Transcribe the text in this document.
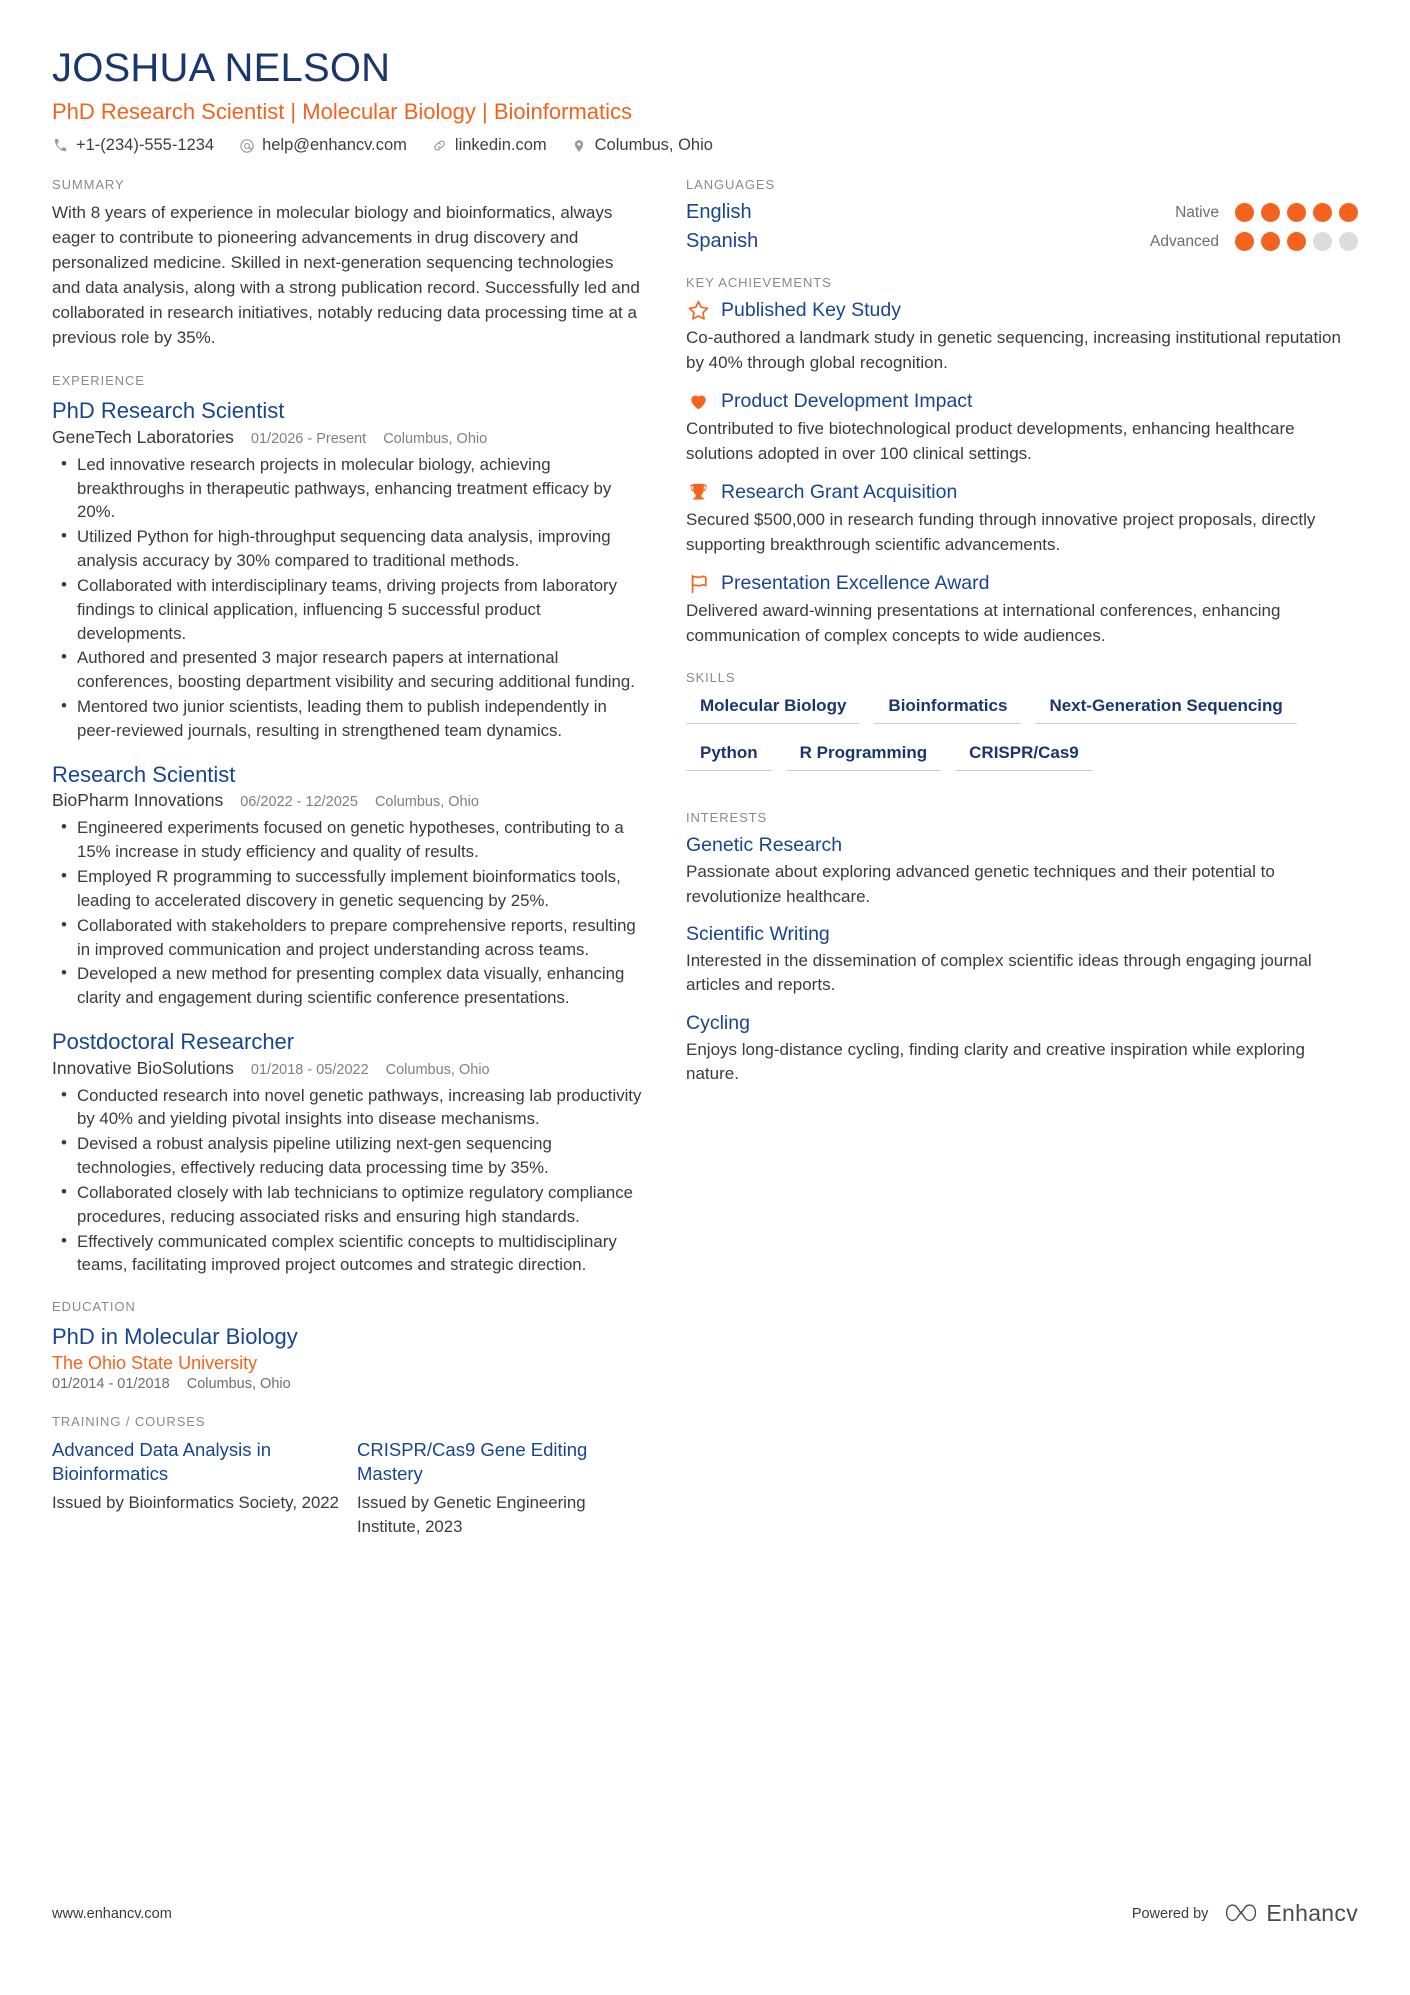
JOSHUA NELSON
PhD Research Scientist | Molecular Biology | Bioinformatics
+1-(234)-555-1234	help@enhancv.com	linkedin.com	Columbus, Ohio
SUMMARY
With 8 years of experience in molecular biology and bioinformatics, always eager to contribute to pioneering advancements in drug discovery and personalized medicine. Skilled in next-generation sequencing technologies and data analysis, along with a strong publication record. Successfully led and collaborated in research initiatives, notably reducing data processing time at a previous role by 35%.
EXPERIENCE
PhD Research Scientist
GeneTech Laboratories 01/2026 - Present Columbus, Ohio
• Led innovative research projects in molecular biology, achieving breakthroughs in therapeutic pathways, enhancing treatment efficacy by 20%.
• Utilized Python for high-throughput sequencing data analysis, improving analysis accuracy by 30% compared to traditional methods.
• Collaborated with interdisciplinary teams, driving projects from laboratory findings to clinical application, influencing 5 successful product developments.
• Authored and presented 3 major research papers at international conferences, boosting department visibility and securing additional funding.
• Mentored two junior scientists, leading them to publish independently in peer-reviewed journals, resulting in strengthened team dynamics.
Research Scientist
BioPharm Innovations 06/2022 - 12/2025 Columbus, Ohio
• Engineered experiments focused on genetic hypotheses, contributing to a 15% increase in study efficiency and quality of results.
• Employed R programming to successfully implement bioinformatics tools, leading to accelerated discovery in genetic sequencing by 25%.
• Collaborated with stakeholders to prepare comprehensive reports, resulting in improved communication and project understanding across teams.
• Developed a new method for presenting complex data visually, enhancing clarity and engagement during scientific conference presentations.
Postdoctoral Researcher
Innovative BioSolutions 01/2018 - 05/2022 Columbus, Ohio
• Conducted research into novel genetic pathways, increasing lab productivity by 40% and yielding pivotal insights into disease mechanisms.
• Devised a robust analysis pipeline utilizing next-gen sequencing technologies, effectively reducing data processing time by 35%.
• Collaborated closely with lab technicians to optimize regulatory compliance procedures, reducing associated risks and ensuring high standards.
• Effectively communicated complex scientific concepts to multidisciplinary teams, facilitating improved project outcomes and strategic direction.
EDUCATION
PhD in Molecular Biology
The Ohio State University
01/2014 - 01/2018 Columbus, Ohio
TRAINING / COURSES
Advanced Data Analysis in Bioinformatics
Issued by Bioinformatics Society, 2022
CRISPR/Cas9 Gene Editing Mastery
Issued by Genetic Engineering Institute, 2023
LANGUAGES
English	Native
Spanish	Advanced
KEY ACHIEVEMENTS
Published Key Study
Co-authored a landmark study in genetic sequencing, increasing institutional reputation by 40% through global recognition.
Product Development Impact
Contributed to five biotechnological product developments, enhancing healthcare solutions adopted in over 100 clinical settings.
Research Grant Acquisition
Secured $500,000 in research funding through innovative project proposals, directly supporting breakthrough scientific advancements.
Presentation Excellence Award
Delivered award-winning presentations at international conferences, enhancing communication of complex concepts to wide audiences.
SKILLS
Molecular Biology	Bioinformatics	Next-Generation Sequencing
Python	R Programming	CRISPR/Cas9
INTERESTS
Genetic Research
Passionate about exploring advanced genetic techniques and their potential to revolutionize healthcare.
Scientific Writing
Interested in the dissemination of complex scientific ideas through engaging journal articles and reports.
Cycling
Enjoys long-distance cycling, finding clarity and creative inspiration while exploring nature.
www.enhancv.com	Powered by	Enhancv
